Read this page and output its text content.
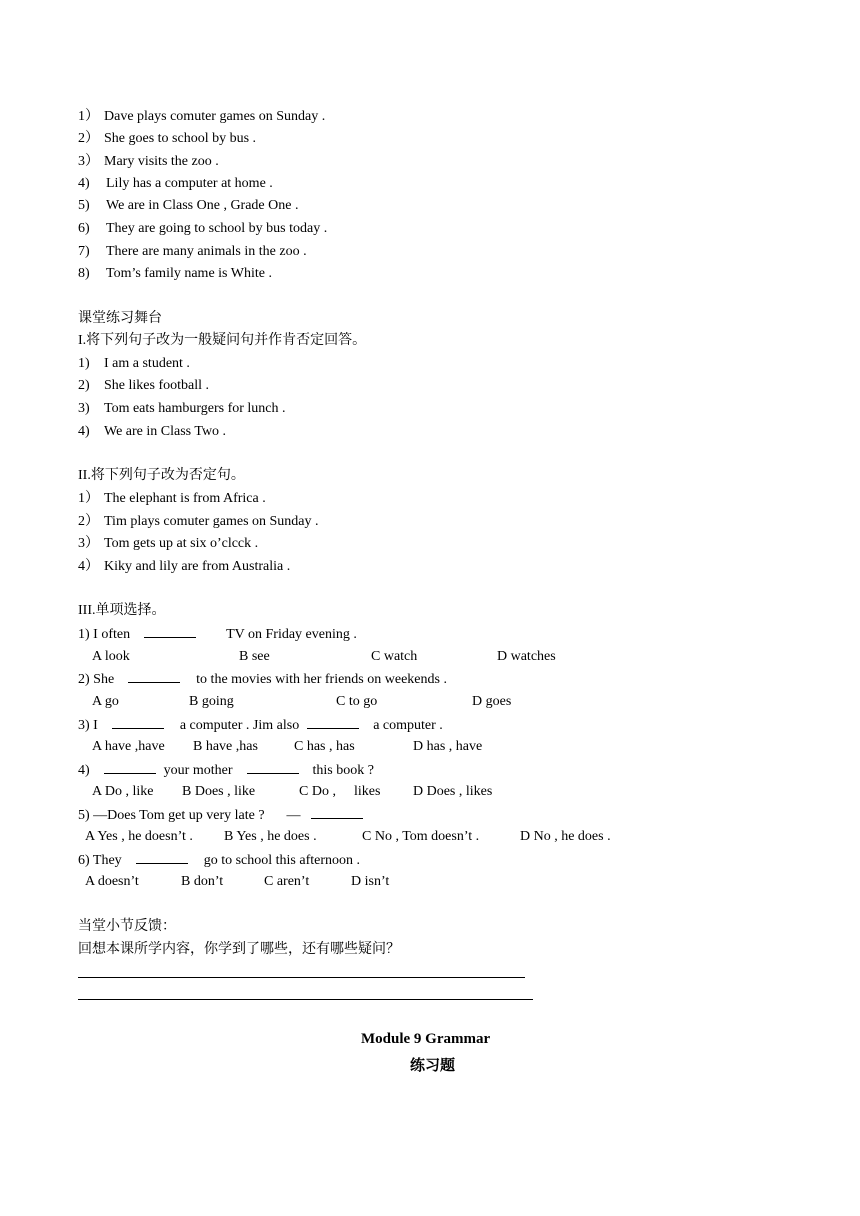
1） Dave plays comuter games on Sunday .
2） She goes to school by bus .
3） Mary visits the zoo .
4) Lily has a computer at home .
5) We are in Class One , Grade One .
6) They are going to school by bus today .
7) There are many animals in the zoo .
8) Tom’s family name is White .
课堂练习舞台
I.将下列句子改为一般疑问句并作肯否定回答。
1) I am a student .
2) She likes football .
3) Tom eats hamburgers for lunch .
4) We are in Class Two .
II.将下列句子改为否定句。
1） The elephant is from Africa .
2） Tim plays comuter games on Sunday .
3） Tom gets up at six o’clcck .
4） Kiky and lily are from Australia .
III.单项选择。
1) I often	TV on Friday evening .
A look	B see	C watch	D watches
2) She	to the movies with her friends on weekends .
A go	B going	C to go	D goes
3) I	a computer . Jim also	a computer .
A have ,have B have ,has	C has , has	D has , have
4)	your mother	this book ?
A Do , like B Does , like	C Do , likes D Does , likes
5) —Does Tom get up very late ? —
A Yes , he doesn’t . B Yes , he does .	C No , Tom doesn’t .	D No , he does .
6) They	go to school this afternoon .
A doesn’t	B don’t	C aren’t	D isn’t
当堂小节反馈：
回想本课所学内容，你学到了哪些，还有哪些疑问？
Module 9 Grammar
练习题
